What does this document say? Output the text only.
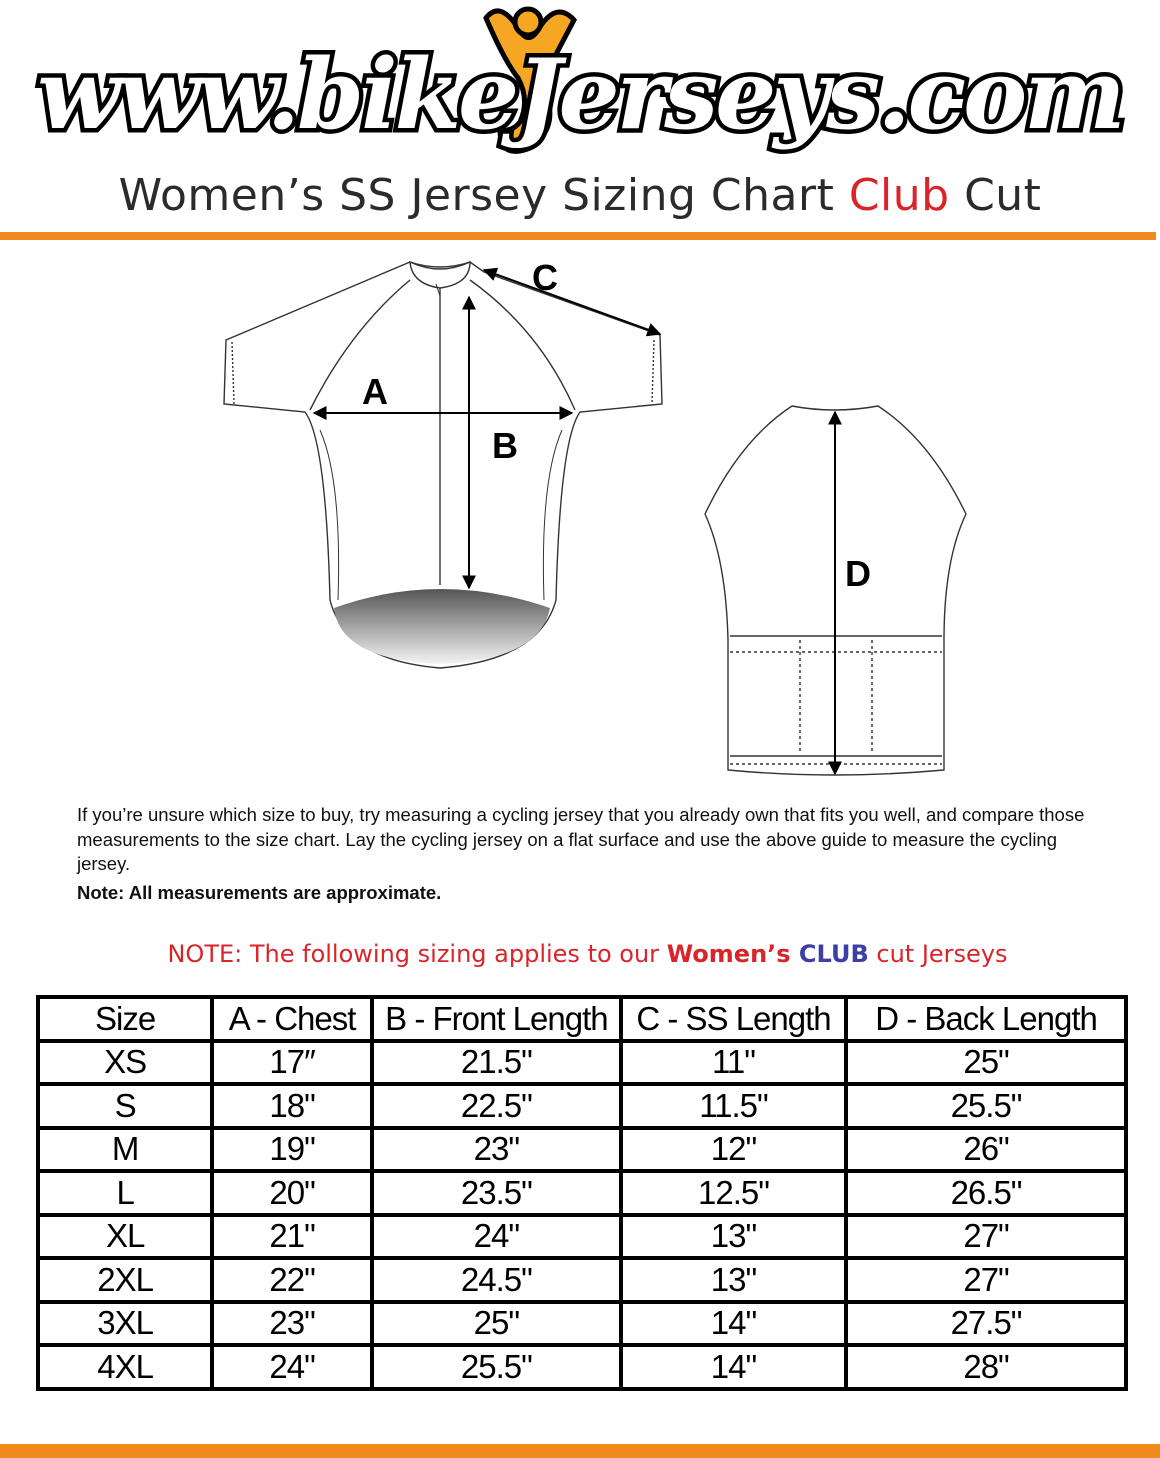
www.bikeJerseys.com
Women’s SS Jersey Sizing Chart Club Cut
A
B
C
D
If you’re unsure which size to buy, try measuring a cycling jersey that you already own that fits you well, and compare those measurements to the size chart. Lay the cycling jersey on a flat surface and use the above guide to measure the cycling jersey.
Note: All measurements are approximate.
NOTE: The following sizing applies to our Women’s CLUB cut Jerseys
Size	A - Chest	B - Front Length	C - SS Length	D - Back Length
XS	17″	21.5"	11"	25"
S	18"	22.5"	11.5"	25.5"
M	19"	23"	12"	26"
L	20"	23.5"	12.5"	26.5"
XL	21"	24"	13"	27"
2XL	22"	24.5"	13"	27"
3XL	23"	25"	14"	27.5"
4XL	24"	25.5"	14"	28"
